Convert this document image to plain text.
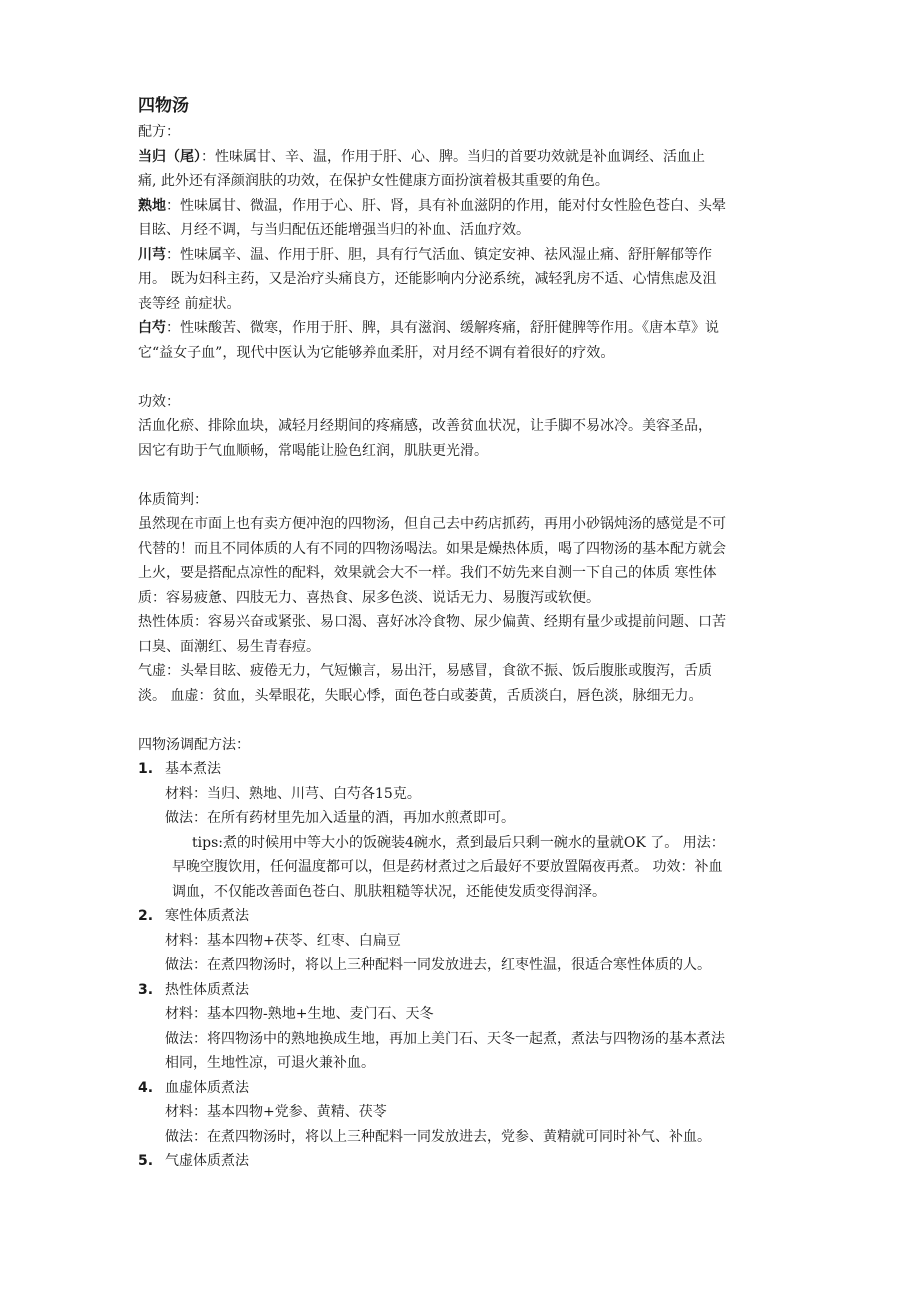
四物汤
配方：
当归（尾）：性味属甘、辛、温，作用于肝、心、脾。当归的首要功效就是补血调经、活血止
痛, 此外还有泽颜润肤的功效，在保护女性健康方面扮演着极其重要的角色。
熟地：性味属甘、微温，作用于心、肝、肾，具有补血滋阴的作用，能对付女性脸色苍白、头晕
目眩、月经不调，与当归配伍还能增强当归的补血、活血疗效。
川芎：性味属辛、温、作用于肝、胆，具有行气活血、镇定安神、祛风湿止痛、舒肝解郁等作
用。 既为妇科主药，又是治疗头痛良方，还能影响内分泌系统，减轻乳房不适、心情焦虑及沮
丧等经 前症状。
白芍：性味酸苦、微寒，作用于肝、脾，具有滋润、缓解疼痛，舒肝健脾等作用。《唐本草》说
它“益女子血”，现代中医认为它能够养血柔肝，对月经不调有着很好的疗效。
功效：
活血化瘀、排除血块，减轻月经期间的疼痛感，改善贫血状况，让手脚不易冰冷。美容圣品，
因它有助于气血顺畅，常喝能让脸色红润，肌肤更光滑。
体质简判：
虽然现在市面上也有卖方便冲泡的四物汤，但自己去中药店抓药，再用小砂锅炖汤的感觉是不可
代替的！而且不同体质的人有不同的四物汤喝法。如果是燥热体质，喝了四物汤的基本配方就会
上火，要是搭配点凉性的配料，效果就会大不一样。我们不妨先来自测一下自己的体质 寒性体
质：容易疲惫、四肢无力、喜热食、尿多色淡、说话无力、易腹泻或软便。
热性体质：容易兴奋或紧张、易口渴、喜好冰冷食物、尿少偏黄、经期有量少或提前问题、口苦
口臭、面潮红、易生青春痘。
气虚：头晕目眩、疲倦无力，气短懒言，易出汗，易感冒，食欲不振、饭后腹胀或腹泻，舌质
淡。 血虚：贫血，头晕眼花，失眠心悸，面色苍白或萎黄，舌质淡白，唇色淡，脉细无力。
四物汤调配方法：
1. 基本煮法
材料：当归、熟地、川芎、白芍各15克。
做法：在所有药材里先加入适量的酒，再加水煎煮即可。
tips:煮的时候用中等大小的饭碗装4碗水，煮到最后只剩一碗水的量就OK 了。 用法：
早晚空腹饮用，任何温度都可以，但是药材煮过之后最好不要放置隔夜再煮。 功效：补血
调血，不仅能改善面色苍白、肌肤粗糙等状况，还能使发质变得润泽。
2. 寒性体质煮法
材料：基本四物+茯苓、红枣、白扁豆
做法：在煮四物汤时，将以上三种配料一同发放进去，红枣性温，很适合寒性体质的人。
3. 热性体质煮法
材料：基本四物-熟地+生地、麦门石、天冬
做法：将四物汤中的熟地换成生地，再加上美门石、天冬一起煮，煮法与四物汤的基本煮法
相同，生地性凉，可退火兼补血。
4. 血虚体质煮法
材料：基本四物+党参、黄精、茯苓
做法：在煮四物汤时，将以上三种配料一同发放进去，党参、黄精就可同时补气、补血。
5. 气虚体质煮法
